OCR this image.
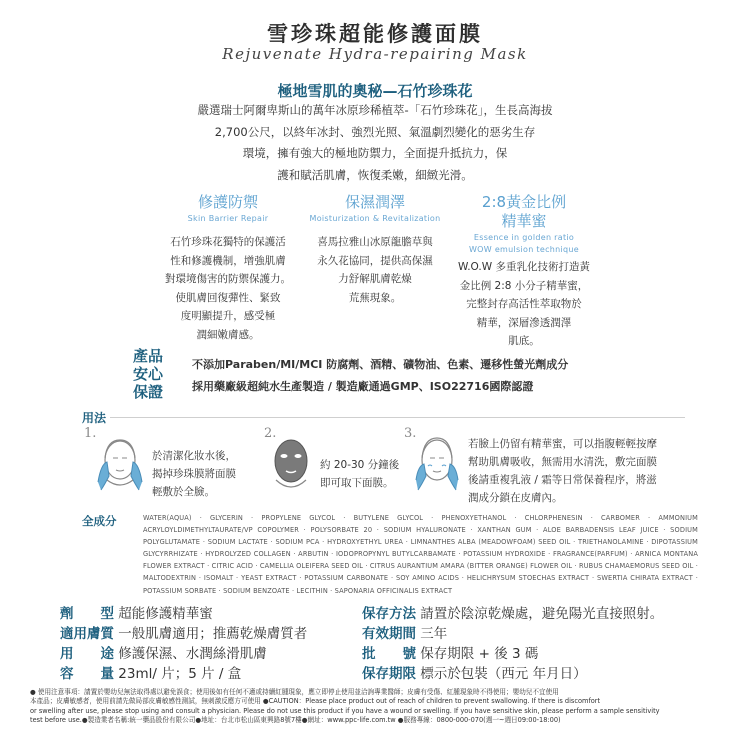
雪珍珠超能修護面膜
Rejuvenate Hydra-repairing Mask
極地雪肌的奧秘—石竹珍珠花
嚴選瑞士阿爾卑斯山的萬年冰原珍稀植萃-「石竹珍珠花」，生長高海拔
2,700公尺，以終年冰封、強烈光照、氣溫劇烈變化的惡劣生存
環境，擁有強大的極地防禦力，全面提升抵抗力，保
護和賦活肌膚，恢復柔嫩，細緻光滑。
修護防禦
Skin Barrier Repair
石竹珍珠花獨特的保護活
性和修護機制，增強肌膚
對環境傷害的防禦保護力。
使肌膚回復彈性、緊致
度明顯提升，感受極
潤細嫩膚感。
保濕潤澤
Moisturization & Revitalization
喜馬拉雅山冰原龍膽草與
永久花協同，提供高保濕
力舒解肌膚乾燥
荒蕪現象。
2:8黃金比例
精華蜜
Essence in golden ratio
WOW emulsion technique
W.O.W 多重乳化技術打造黃
金比例 2:8 小分子精華蜜，
完整封存高活性萃取物於
精華，深層滲透潤澤
肌底。
產品
安心
保證
不添加Paraben/MI/MCI 防腐劑、酒精、礦物油、色素、遷移性螢光劑成分
採用藥廠級超純水生產製造 / 製造廠通過GMP、ISO22716國際認證
用法
1.
於清潔化妝水後，
揭掉珍珠膜將面膜
輕敷於全臉。
2.
約 20-30 分鐘後
即可取下面膜。
3.
若臉上仍留有精華蜜，可以指腹輕輕按摩
幫助肌膚吸收，無需用水清洗，敷完面膜
後請重複乳液 / 霜等日常保養程序，將滋
潤成分鎖在皮膚內。
全成分	WATER(AQUA) · GLYCERIN · PROPYLENE GLYCOL · BUTYLENE GLYCOL · PHENOXYETHANOL · CHLORPHENESIN · CARBOMER · AMMONIUM ACRYLOYLDIMETHYLTAURATE/VP COPOLYMER · POLYSORBATE 20 · SODIUM HYALURONATE · XANTHAN GUM · ALOE BARBADENSIS LEAF JUICE · SODIUM POLYGLUTAMATE · SODIUM LACTATE · SODIUM PCA · HYDROXYETHYL UREA · LIMNANTHES ALBA (MEADOWFOAM) SEED OIL · TRIETHANOLAMINE · DIPOTASSIUM GLYCYRRHIZATE · HYDROLYZED COLLAGEN · ARBUTIN · IODOPROPYNYL BUTYLCARBAMATE · POTASSIUM HYDROXIDE · FRAGRANCE(PARFUM) · ARNICA MONTANA FLOWER EXTRACT · CITRIC ACID · CAMELLIA OLEIFERA SEED OIL · CITRUS AURANTIUM AMARA (BITTER ORANGE) FLOWER OIL · RUBUS CHAMAEMORUS SEED OIL · MALTODEXTRIN · ISOMALT · YEAST EXTRACT · POTASSIUM CARBONATE · SOY AMINO ACIDS · HELICHRYSUM STOECHAS EXTRACT · SWERTIA CHIRATA EXTRACT · POTASSIUM SORBATE · SODIUM BENZOATE · LECITHIN · SAPONARIA OFFICINALIS EXTRACT
劑　　型 超能修護精華蜜
適用膚質 一般肌膚適用；推薦乾燥膚質者
用　　途 修護保濕、水潤絲滑肌膚
容　　量 23ml/ 片；5 片 / 盒
保存方法 請置於陰涼乾燥處，避免陽光直接照射。
有效期間 三年
批　　號 保存期限 + 後 3 碼
保存期限 標示於包裝（西元 年月日）
● 使用注意事項：請置於嬰幼兒無法取得處以避免誤食；使用後如有任何不適或持續紅腫現象，應立即停止使用並洽詢專業醫師；皮膚有受傷、紅腫現象時不得使用；嬰幼兒不宜使用
本產品；皮膚敏感者，使用前請先做局部皮膚敏感性測試，無刺激反應方可使用 ●CAUTION：Please place product out of reach of children to prevent swallowing. If there is discomfort
or swelling after use, please stop using and consult a physician. Please do not use this product if you have a wound or swelling. If you have sensitive skin, please perform a sample sensitivity
test before use.●製造業者名稱:統一藥品股份有限公司●地址：台北市松山區東興路8號7樓●網址：www.ppc-life.com.tw ●服務專線：0800-000-070(週一~週日09:00-18:00)
